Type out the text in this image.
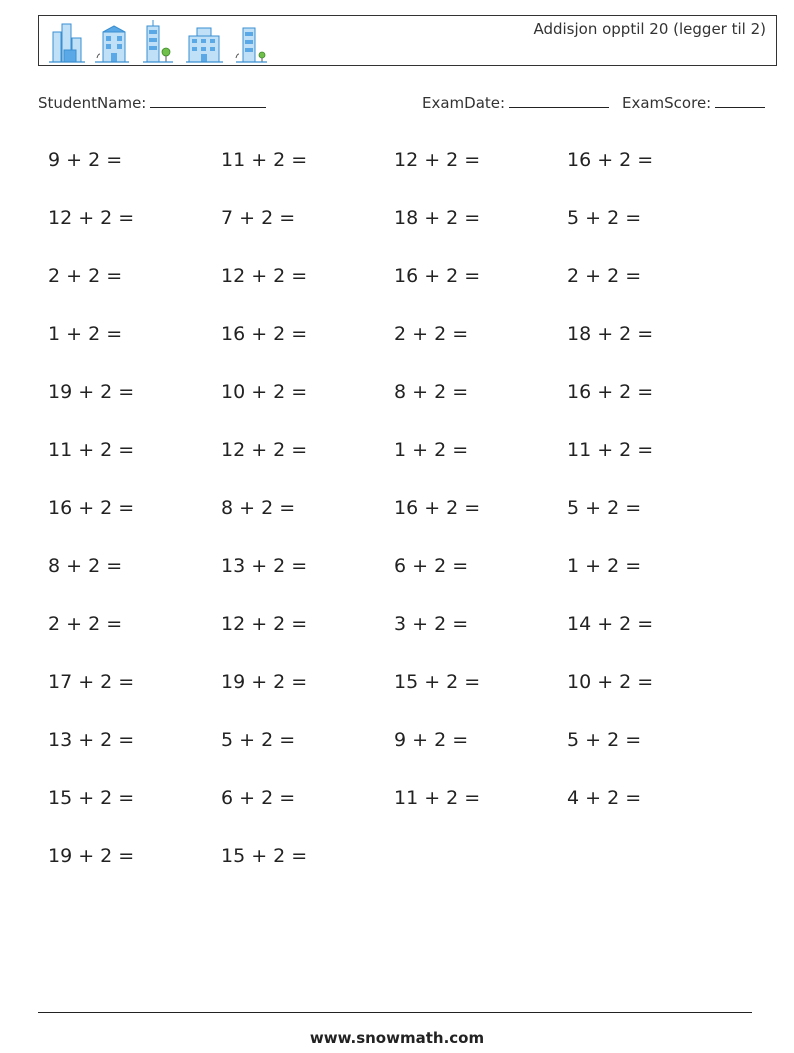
Addisjon opptil 20 (legger til 2)
StudentName:	ExamDate:	ExamScore:
9 + 2 =	11 + 2 =	12 + 2 =	16 + 2 =
12 + 2 =	7 + 2 =	18 + 2 =	5 + 2 =
2 + 2 =	12 + 2 =	16 + 2 =	2 + 2 =
1 + 2 =	16 + 2 =	2 + 2 =	18 + 2 =
19 + 2 =	10 + 2 =	8 + 2 =	16 + 2 =
11 + 2 =	12 + 2 =	1 + 2 =	11 + 2 =
16 + 2 =	8 + 2 =	16 + 2 =	5 + 2 =
8 + 2 =	13 + 2 =	6 + 2 =	1 + 2 =
2 + 2 =	12 + 2 =	3 + 2 =	14 + 2 =
17 + 2 =	19 + 2 =	15 + 2 =	10 + 2 =
13 + 2 =	5 + 2 =	9 + 2 =	5 + 2 =
15 + 2 =	6 + 2 =	11 + 2 =	4 + 2 =
19 + 2 =	15 + 2 =
www.snowmath.com
